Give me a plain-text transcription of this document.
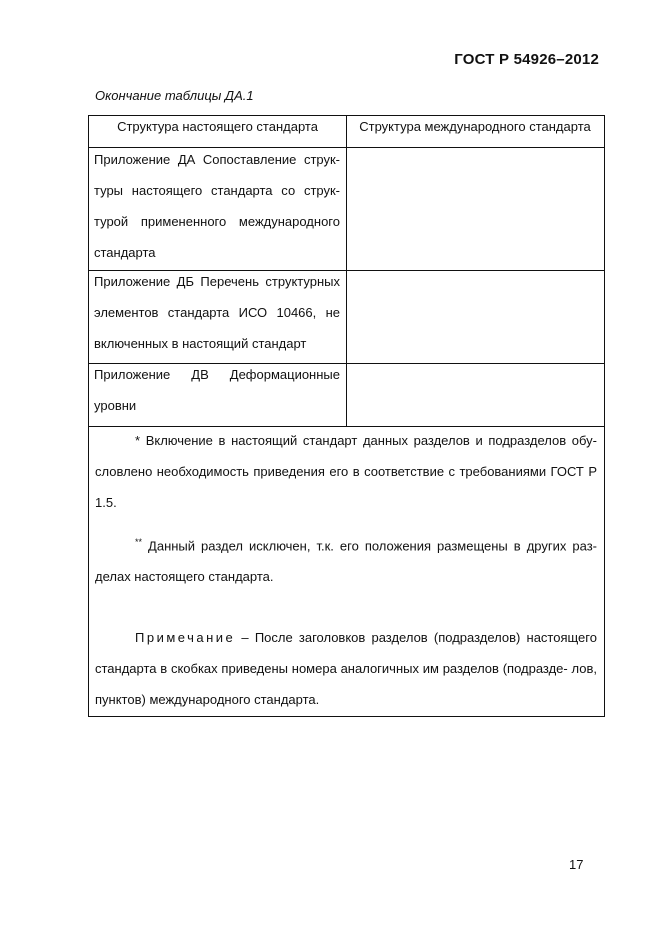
ГОСТ Р 54926–2012
Окончание таблицы ДА.1
Структура настоящего стандарта	Структура международного стандарта
Приложение ДА Сопоставление струк-
туры настоящего стандарта со струк-
турой примененного международного
стандарта
Приложение ДБ Перечень структурных
элементов стандарта ИСО 10466, не
включенных в настоящий стандарт
Приложение ДВ Деформационные
уровни

* Включение в настоящий стандарт данных разделов и подразделов обу- словлено необходимость приведения его в соответствие с требованиями ГОСТ Р 1.5.

** Данный раздел исключен, т.к. его положения размещены в других раз- делах настоящего стандарта.

Примечание – После заголовков разделов (подразделов) настоящего стандарта в скобках приведены номера аналогичных им разделов (подразде- лов, пунктов) международного стандарта.

17
